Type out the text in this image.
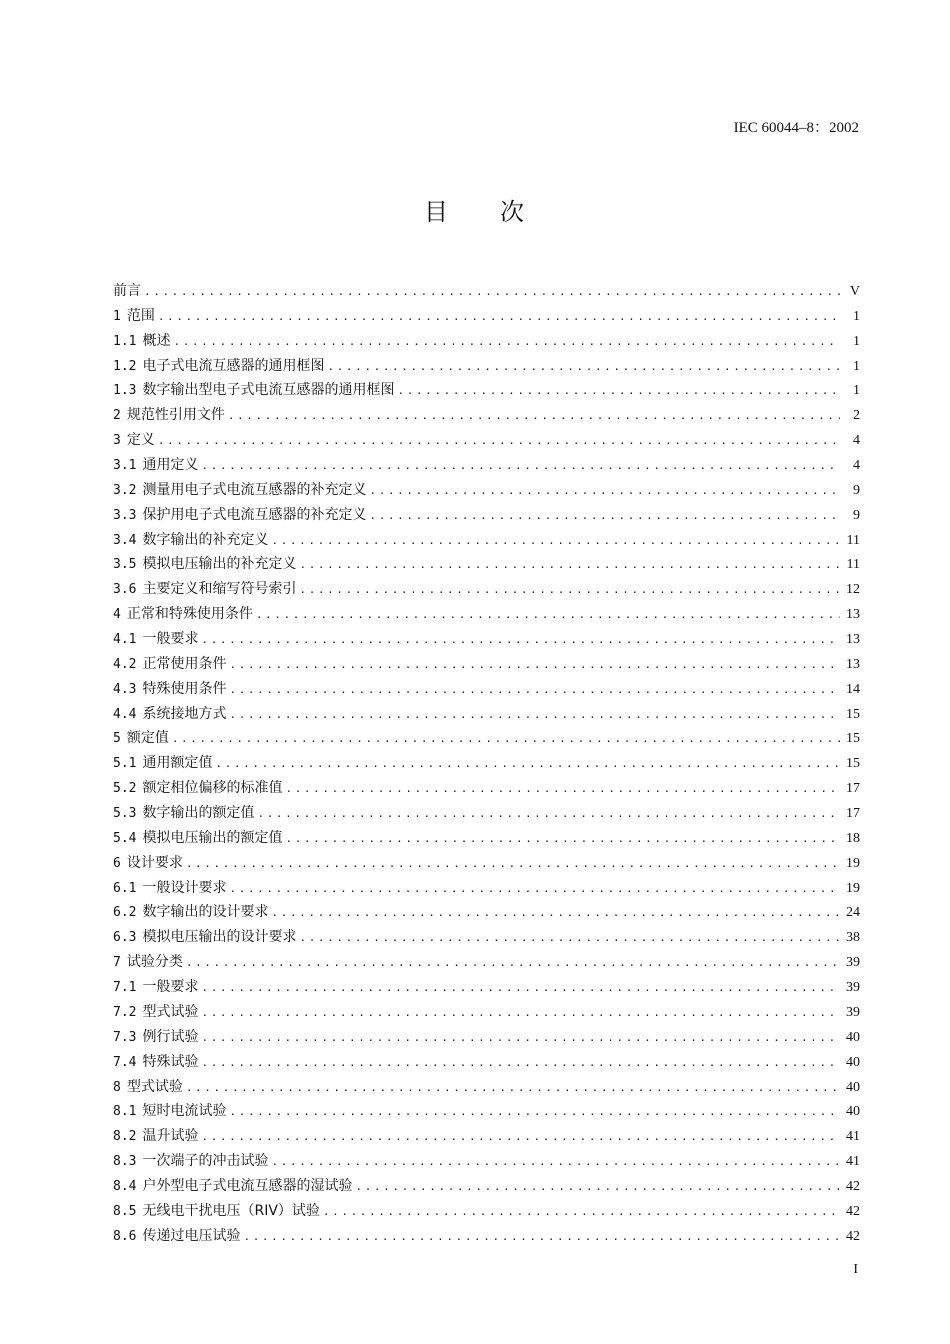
IEC 60044–8：2002
目 次
前言 .....	V
1 范围 .....	1
1.1 概述 .....	1
1.2 电子式电流互感器的通用框图 .....	1
1.3 数字输出型电子式电流互感器的通用框图 .....	1
2 规范性引用文件 .....	2
3 定义 .....	4
3.1 通用定义 .....	4
3.2 测量用电子式电流互感器的补充定义 .....	9
3.3 保护用电子式电流互感器的补充定义 .....	9
3.4 数字输出的补充定义 .....	11
3.5 模拟电压输出的补充定义 .....	11
3.6 主要定义和缩写符号索引 .....	12
4 正常和特殊使用条件 .....	13
4.1 一般要求 .....	13
4.2 正常使用条件 .....	13
4.3 特殊使用条件 .....	14
4.4 系统接地方式 .....	15
5 额定值 .....	15
5.1 通用额定值 .....	15
5.2 额定相位偏移的标准值 .....	17
5.3 数字输出的额定值 .....	17
5.4 模拟电压输出的额定值 .....	18
6 设计要求 .....	19
6.1 一般设计要求 .....	19
6.2 数字输出的设计要求 .....	24
6.3 模拟电压输出的设计要求 .....	38
7 试验分类 .....	39
7.1 一般要求 .....	39
7.2 型式试验 .....	39
7.3 例行试验 .....	40
7.4 特殊试验 .....	40
8 型式试验 .....	40
8.1 短时电流试验 .....	40
8.2 温升试验 .....	41
8.3 一次端子的冲击试验 .....	41
8.4 户外型电子式电流互感器的湿试验 .....	42
8.5 无线电干扰电压（RIV）试验 .....	42
8.6 传递过电压试验 .....	42
I
